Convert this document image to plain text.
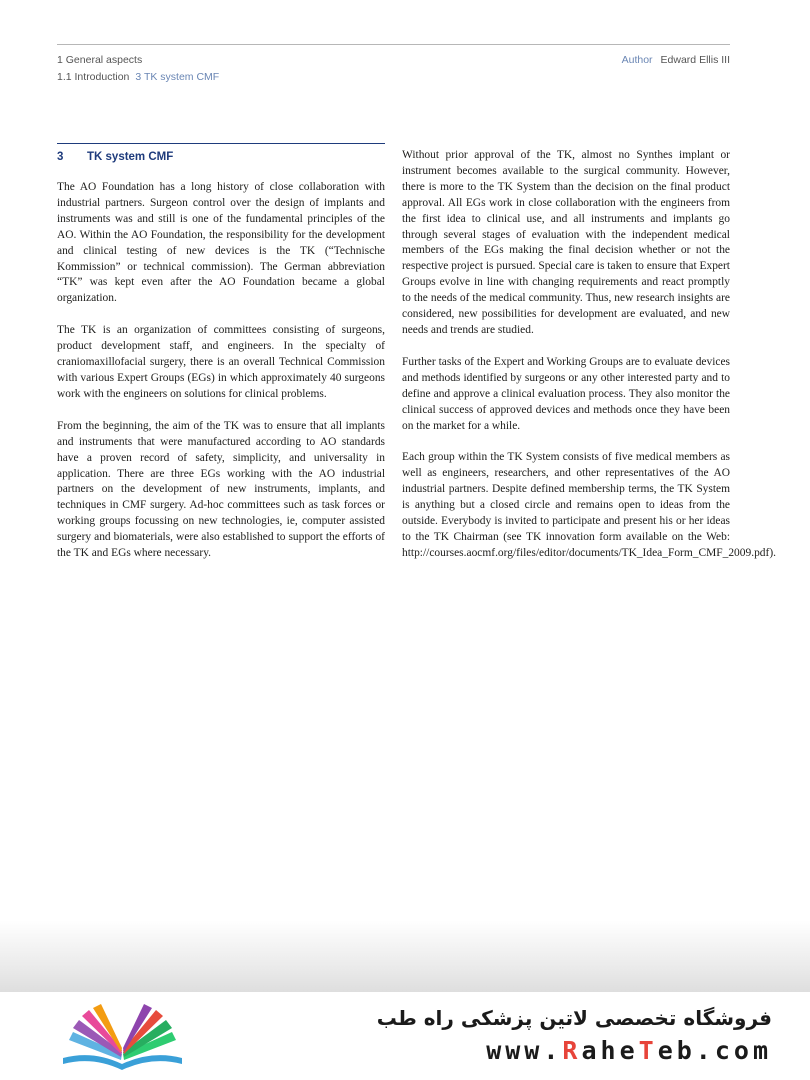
1 General aspects
1.1 Introduction 3 TK system CMF
Author Edward Ellis III
3 TK system CMF

The AO Foundation has a long history of close collaboration with industrial partners. Surgeon control over the design of implants and instruments was and still is one of the fundamental principles of the AO. Within the AO Foundation, the responsibility for the development and clinical testing of new devices is the TK (“Technische Kommission” or technical commission). The German abbreviation “TK” was kept even after the AO Foundation became a global organization.

The TK is an organization of committees consisting of surgeons, product development staff, and engineers. In the specialty of craniomaxillofacial surgery, there is an overall Technical Commission with various Expert Groups (EGs) in which approximately 40 surgeons work with the engineers on solutions for clinical problems.

From the beginning, the aim of the TK was to ensure that all implants and instruments that were manufactured according to AO standards have a proven record of safety, simplicity, and universality in application. There are three EGs working with the AO industrial partners on the development of new instruments, implants, and techniques in CMF surgery. Ad-hoc committees such as task forces or working groups focussing on new technologies, ie, computer assisted surgery and biomaterials, were also established to support the efforts of the TK and EGs where necessary.

Without prior approval of the TK, almost no Synthes implant or instrument becomes available to the surgical community. However, there is more to the TK System than the decision on the final product approval. All EGs work in close collaboration with the engineers from the first idea to clinical use, and all instruments and implants go through several stages of evaluation with the independent medical members of the EGs making the final decision whether or not the respective project is pursued. Special care is taken to ensure that Expert Groups evolve in line with changing requirements and react promptly to the needs of the medical community. Thus, new research insights are considered, new possibilities for development are evaluated, and new needs and trends are studied.

Further tasks of the Expert and Working Groups are to evaluate devices and methods identified by surgeons or any other interested party and to define and approve a clinical evaluation process. They also monitor the clinical success of approved devices and methods once they have been on the market for a while.

Each group within the TK System consists of five medical members as well as engineers, researchers, and other representatives of the AO industrial partners. Despite defined membership terms, the TK System is anything but a closed circle and remains open to ideas from the outside. Everybody is invited to participate and present his or her ideas to the TK Chairman (see TK innovation form available on the Web: http://courses.aocmf.org/files/editor/documents/TK_Idea_Form_CMF_2009.pdf).

فروشگاه تخصصی لاتین پزشکی راه طب
www.RaheTeb.com
